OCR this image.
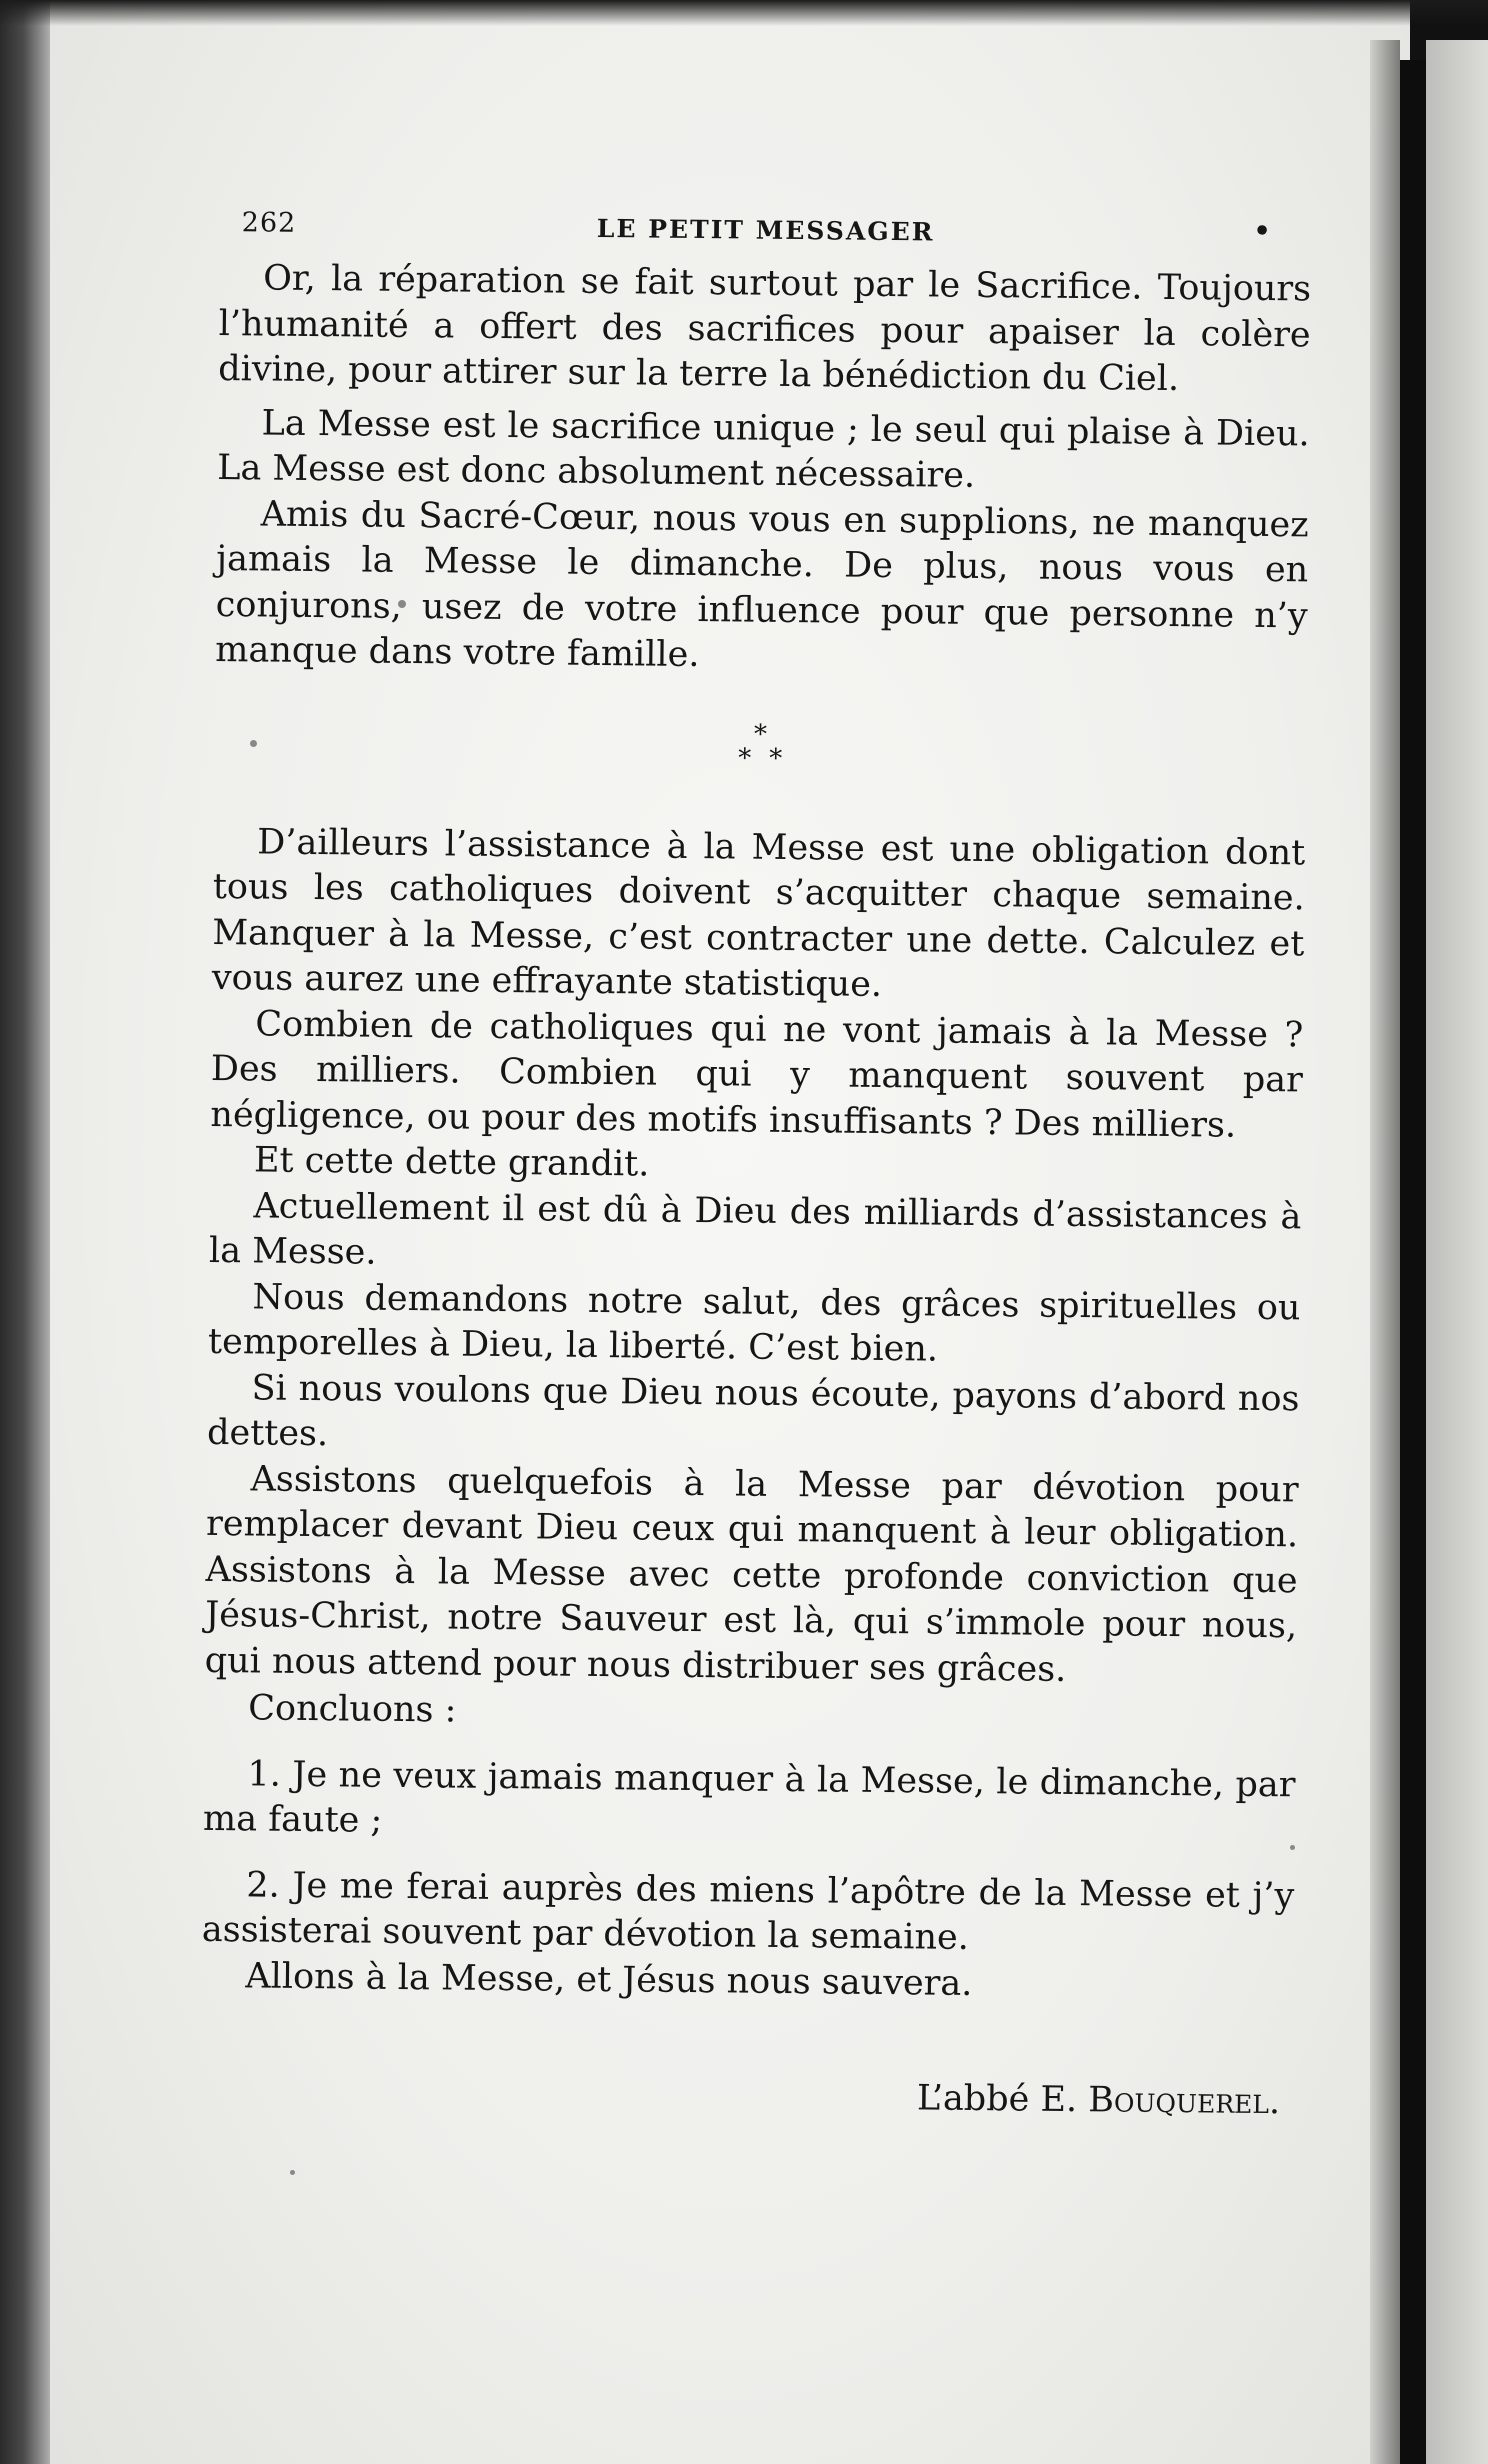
262	LE PETIT MESSAGER	•

Or, la réparation se fait surtout par le Sacrifice. Toujours l’humanité a offert des sacrifices pour apaiser la colère divine, pour attirer sur la terre la bénédiction du Ciel.

La Messe est le sacrifice unique ; le seul qui plaise à Dieu. La Messe est donc absolument nécessaire.

Amis du Sacré-Cœur, nous vous en supplions, ne manquez jamais la Messe le dimanche. De plus, nous vous en conjurons, usez de votre influence pour que personne n’y manque dans votre famille.

*
**

D’ailleurs l’assistance à la Messe est une obligation dont tous les catholiques doivent s’acquitter chaque semaine. Manquer à la Messe, c’est contracter une dette. Calculez et vous aurez une effrayante statistique.

Combien de catholiques qui ne vont jamais à la Messe ? Des milliers. Combien qui y manquent souvent par négligence, ou pour des motifs insuffisants ? Des milliers.

Et cette dette grandit.

Actuellement il est dû à Dieu des milliards d’assistances à la Messe.

Nous demandons notre salut, des grâces spirituelles ou temporelles à Dieu, la liberté. C’est bien.

Si nous voulons que Dieu nous écoute, payons d’abord nos dettes.

Assistons quelquefois à la Messe par dévotion pour remplacer devant Dieu ceux qui manquent à leur obligation. Assistons à la Messe avec cette profonde conviction que Jésus-Christ, notre Sauveur est là, qui s’immole pour nous, qui nous attend pour nous distribuer ses grâces.

Concluons :

1. Je ne veux jamais manquer à la Messe, le dimanche, par ma faute ;

2. Je me ferai auprès des miens l’apôtre de la Messe et j’y assisterai souvent par dévotion la semaine.

Allons à la Messe, et Jésus nous sauvera.

L’abbé E. Bouquerel.
